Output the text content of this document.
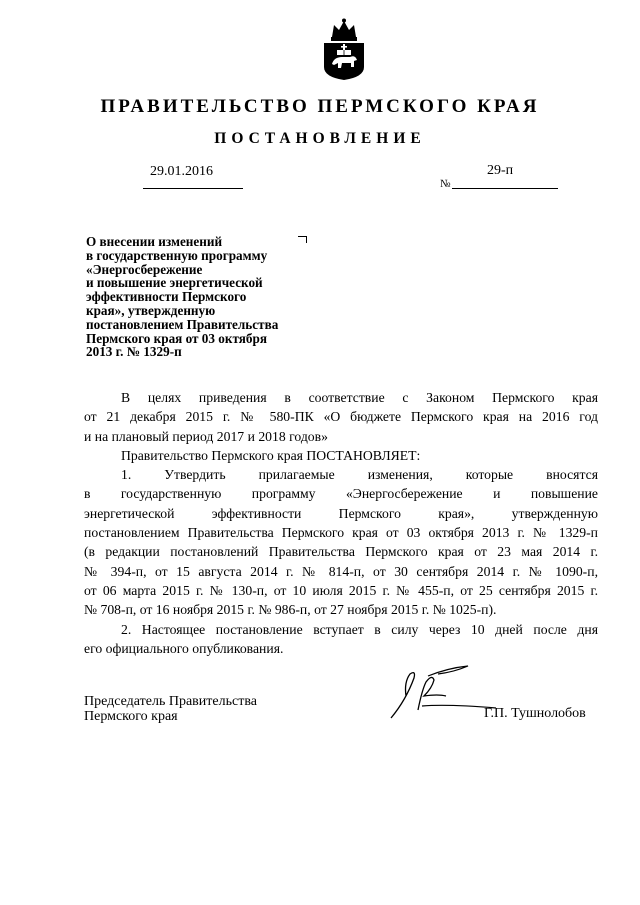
ПРАВИТЕЛЬСТВО ПЕРМСКОГО КРАЯ
ПОСТАНОВЛЕНИЕ
29.01.2016
№
29-п
О внесении изменений
в государственную программу
«Энергосбережение
и повышение энергетической
эффективности Пермского
края», утвержденную
постановлением Правительства
Пермского края от 03 октября
2013 г. № 1329-п

В целях приведения в соответствие с Законом Пермского края

от 21 декабря 2015 г. № 580-ПК «О бюджете Пермского края на 2016 год

и на плановый период 2017 и 2018 годов»

Правительство Пермского края ПОСТАНОВЛЯЕТ:

1. Утвердить прилагаемые изменения, которые вносятся

в государственную программу «Энергосбережение и повышение

энергетической эффективности Пермского края», утвержденную

постановлением Правительства Пермского края от 03 октября 2013 г. № 1329-п

(в редакции постановлений Правительства Пермского края от 23 мая 2014 г.

№ 394-п, от 15 августа 2014 г. № 814-п, от 30 сентября 2014 г. № 1090-п,

от 06 марта 2015 г. № 130-п, от 10 июля 2015 г. № 455-п, от 25 сентября 2015 г.

№ 708-п, от 16 ноября 2015 г. № 986-п, от 27 ноября 2015 г. № 1025-п).

2. Настоящее постановление вступает в силу через 10 дней после дня

его официального опубликования.

Председатель Правительства
Пермского края	Г.П. Тушнолобов
